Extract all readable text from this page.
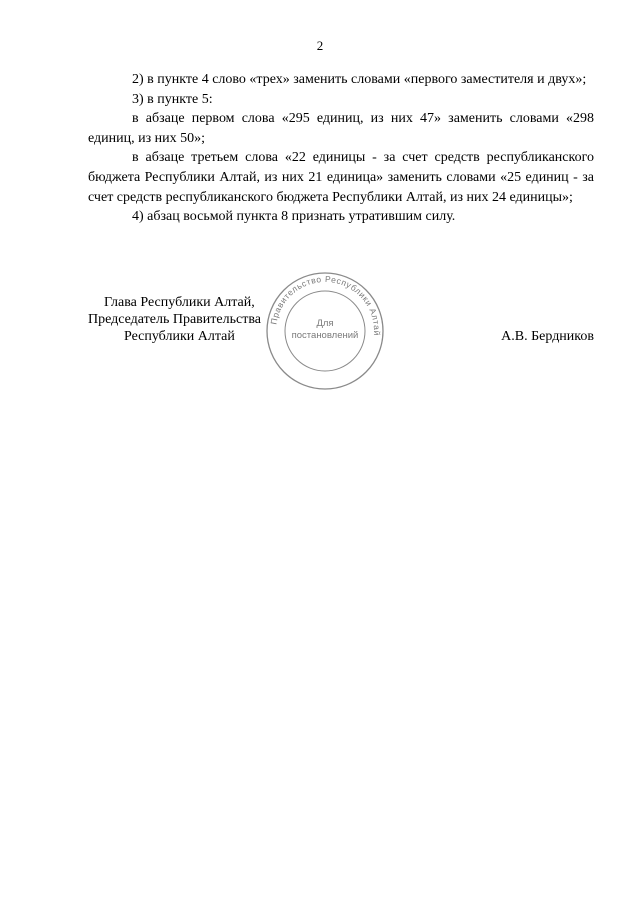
2

2) в пункте 4 слово «трех» заменить словами «первого заместителя и двух»;

3) в пункте 5:

в абзаце первом слова «295 единиц, из них 47» заменить словами «298 единиц, из них 50»;

в абзаце третьем слова «22 единицы - за счет средств республиканского бюджета Республики Алтай, из них 21 единица» заменить словами «25 единиц - за счет средств республиканского бюджета Республики Алтай, из них 24 единицы»;

4) абзац восьмой пункта 8 признать утратившим силу.

Правительство Республики Алтай
Для
постановлений
Глава Республики Алтай,
Председатель Правительства
Республики Алтай	А.В. Бердников
